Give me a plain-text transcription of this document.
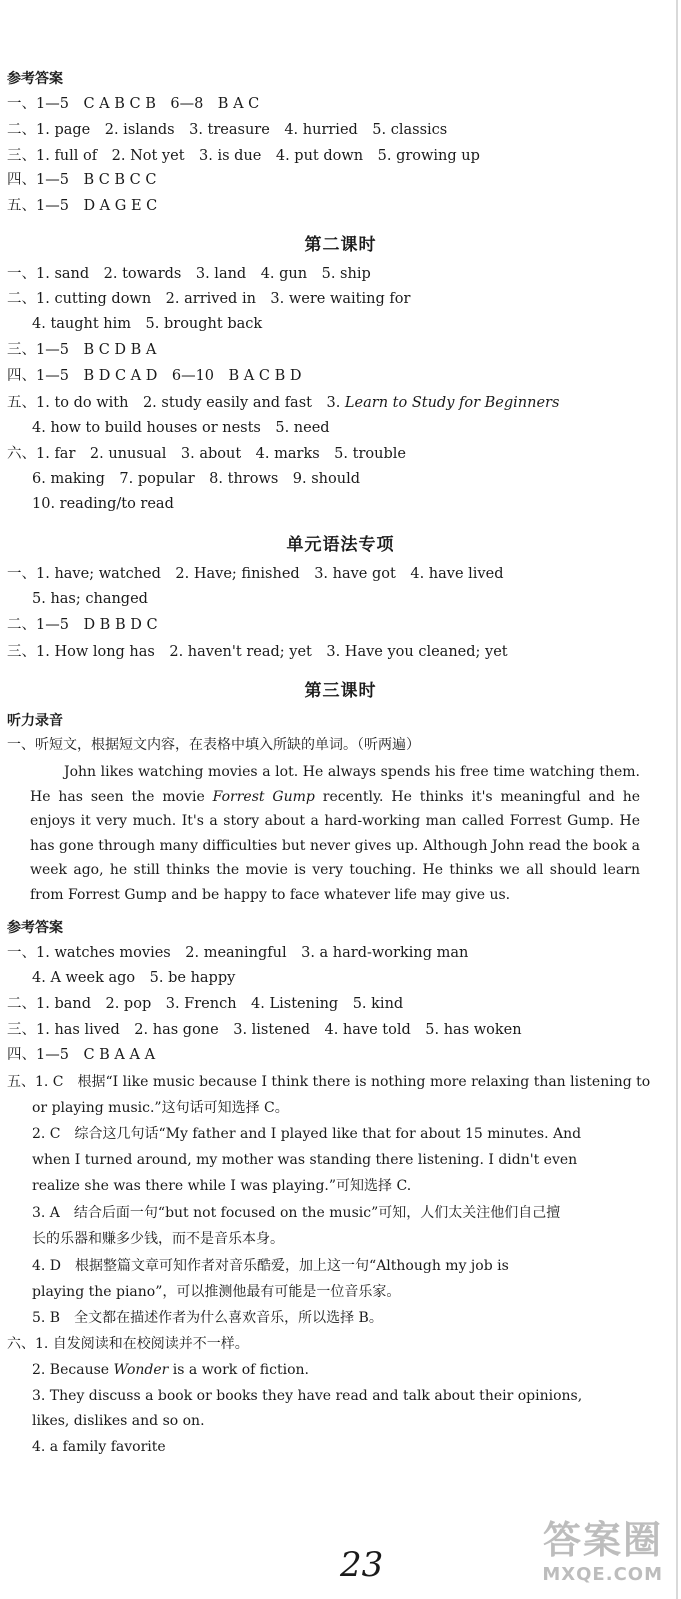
参考答案
一、1—5　C A B C B　6—8　B A C
二、1. page　2. islands　3. treasure　4. hurried　5. classics
三、1. full of　2. Not yet　3. is due　4. put down　5. growing up
四、1—5　B C B C C
五、1—5　D A G E C
第二课时
一、1. sand　2. towards　3. land　4. gun　5. ship
二、1. cutting down　2. arrived in　3. were waiting for
4. taught him　5. brought back
三、1—5　B C D B A
四、1—5　B D C A D　6—10　B A C B D
五、1. to do with　2. study easily and fast　3. Learn to Study for Beginners
4. how to build houses or nests　5. need
六、1. far　2. unusual　3. about　4. marks　5. trouble
6. making　7. popular　8. throws　9. should
10. reading/to read
单元语法专项
一、1. have; watched　2. Have; finished　3. have got　4. have lived
5. has; changed
二、1—5　D B B D C
三、1. How long has　2. haven't read; yet　3. Have you cleaned; yet
第三课时
听力录音
一、听短文，根据短文内容，在表格中填入所缺的单词。（听两遍）
John likes watching movies a lot. He always spends his free time watching them. He has seen the movie Forrest Gump recently. He thinks it's meaningful and he enjoys it very much. It's a story about a hard-working man called Forrest Gump. He has gone through many difficulties but never gives up. Although John read the book a week ago, he still thinks the movie is very touching. He thinks we all should learn from Forrest Gump and be happy to face whatever life may give us.
参考答案
一、1. watches movies　2. meaningful　3. a hard-working man
4. A week ago　5. be happy
二、1. band　2. pop　3. French　4. Listening　5. kind
三、1. has lived　2. has gone　3. listened　4. have told　5. has woken
四、1—5　C B A A A
五、1. C　根据“I like music because I think there is nothing more relaxing than listening to
or playing music.”这句话可知选择 C。
2. C　综合这几句话“My father and I played like that for about 15 minutes. And
when I turned around, my mother was standing there listening. I didn't even
realize she was there while I was playing.”可知选择 C.
3. A　结合后面一句“but not focused on the music”可知，人们太关注他们自己擅
长的乐器和赚多少钱，而不是音乐本身。
4. D　根据整篇文章可知作者对音乐酷爱，加上这一句“Although my job is
playing the piano”，可以推测他最有可能是一位音乐家。
5. B　全文都在描述作者为什么喜欢音乐，所以选择 B。
六、1. 自发阅读和在校阅读并不一样。
2. Because Wonder is a work of fiction.
3. They discuss a book or books they have read and talk about their opinions,
likes, dislikes and so on.
4. a family favorite
23
答案圈
MXQE.COM
